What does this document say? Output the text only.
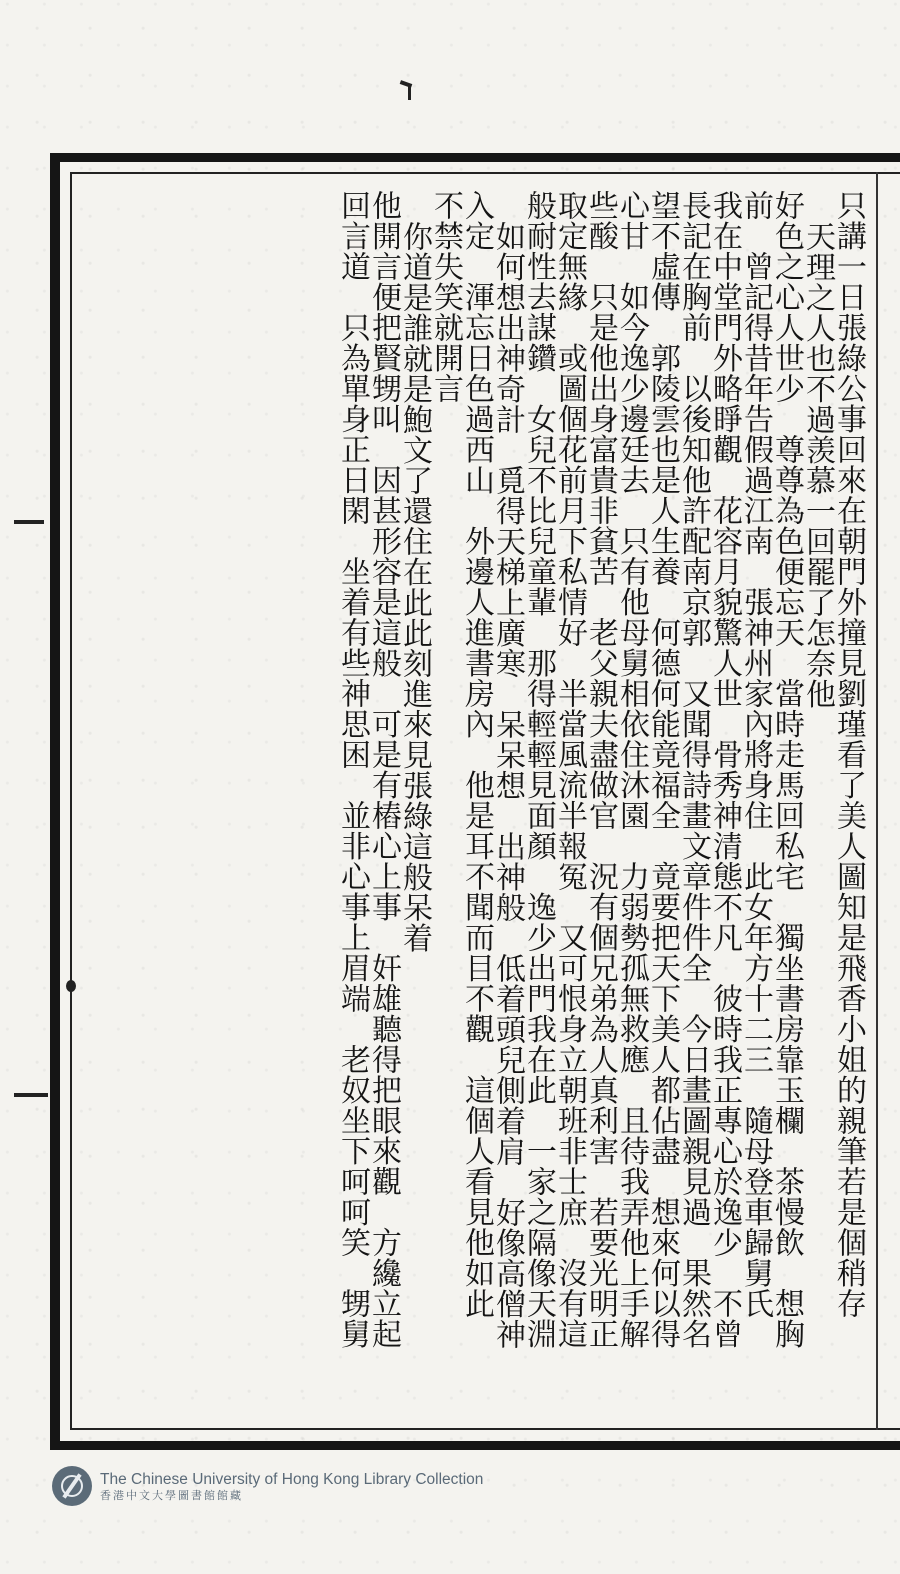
只講一日張綠公事回來在朝門外撞見劉瑾看了美人圖知是飛香小姐的親筆若是個稍存
天理之人也不過羡慕一回罷了怎奈他
好色之心人世少　尊尊為色便忘天　當時走馬回私宅　獨坐書房靠玉欄　茶慢飲　想胸
前　曾記得昔年告假過江南　張神州家內將身住　此女年方十二三　隨母登車歸舅氏
我在中堂門外略睜觀　花容月貌驚人世　骨秀神清態不凡　彼時我正專心於逸少　不曾
長記在胸前　以後知他許配南京郭　又聞得詩畫文章件件全　今日畫圖親見過　果然名
望不虛傳　郭陵雲也是人生養　何德何能竟福全　竟要把天下美人都佔盡　想來何以得
心甘　如今逸少邊廷去　只有他母舅相依住沐園　力弱勢孤無救應　且待我弄他上手解
些酸　只是他出身富貴非貧苦　老父親夫盡做官　況有個兄弟為人真利害　若要光明正
取定無緣　或圖個花前月下私情好　半當風流半報冤　又可恨身立朝班非士庶　沒有這
般耐性去謀鑽　女兒不比兒童輩　那得輕輕見面顏　逸少出門我在此　一家之隔像天淵
如何想出神奇計　覓得天梯上廣寒　呆呆想　出神般　低着頭兒側着肩　好像高僧神
入定　渾忘日色過西山　外邊人進書房內　他是耳不聞而目不觀　這個人看見他如此
不禁失笑就開言
你道是誰就是鮑文了還住在此此刻進來見張綠這般呆着
他開言便把賢甥叫　因甚形容是這般　可是有樁心上事　奸雄聽得把眼來觀　方纔立起
回言道　只為單身正日閑　坐着有些神思困　並非心事上眉端　老奴坐下呵呵笑　甥舅
The Chinese University of Hong Kong Library Collection
香港中文大學圖書館館藏
